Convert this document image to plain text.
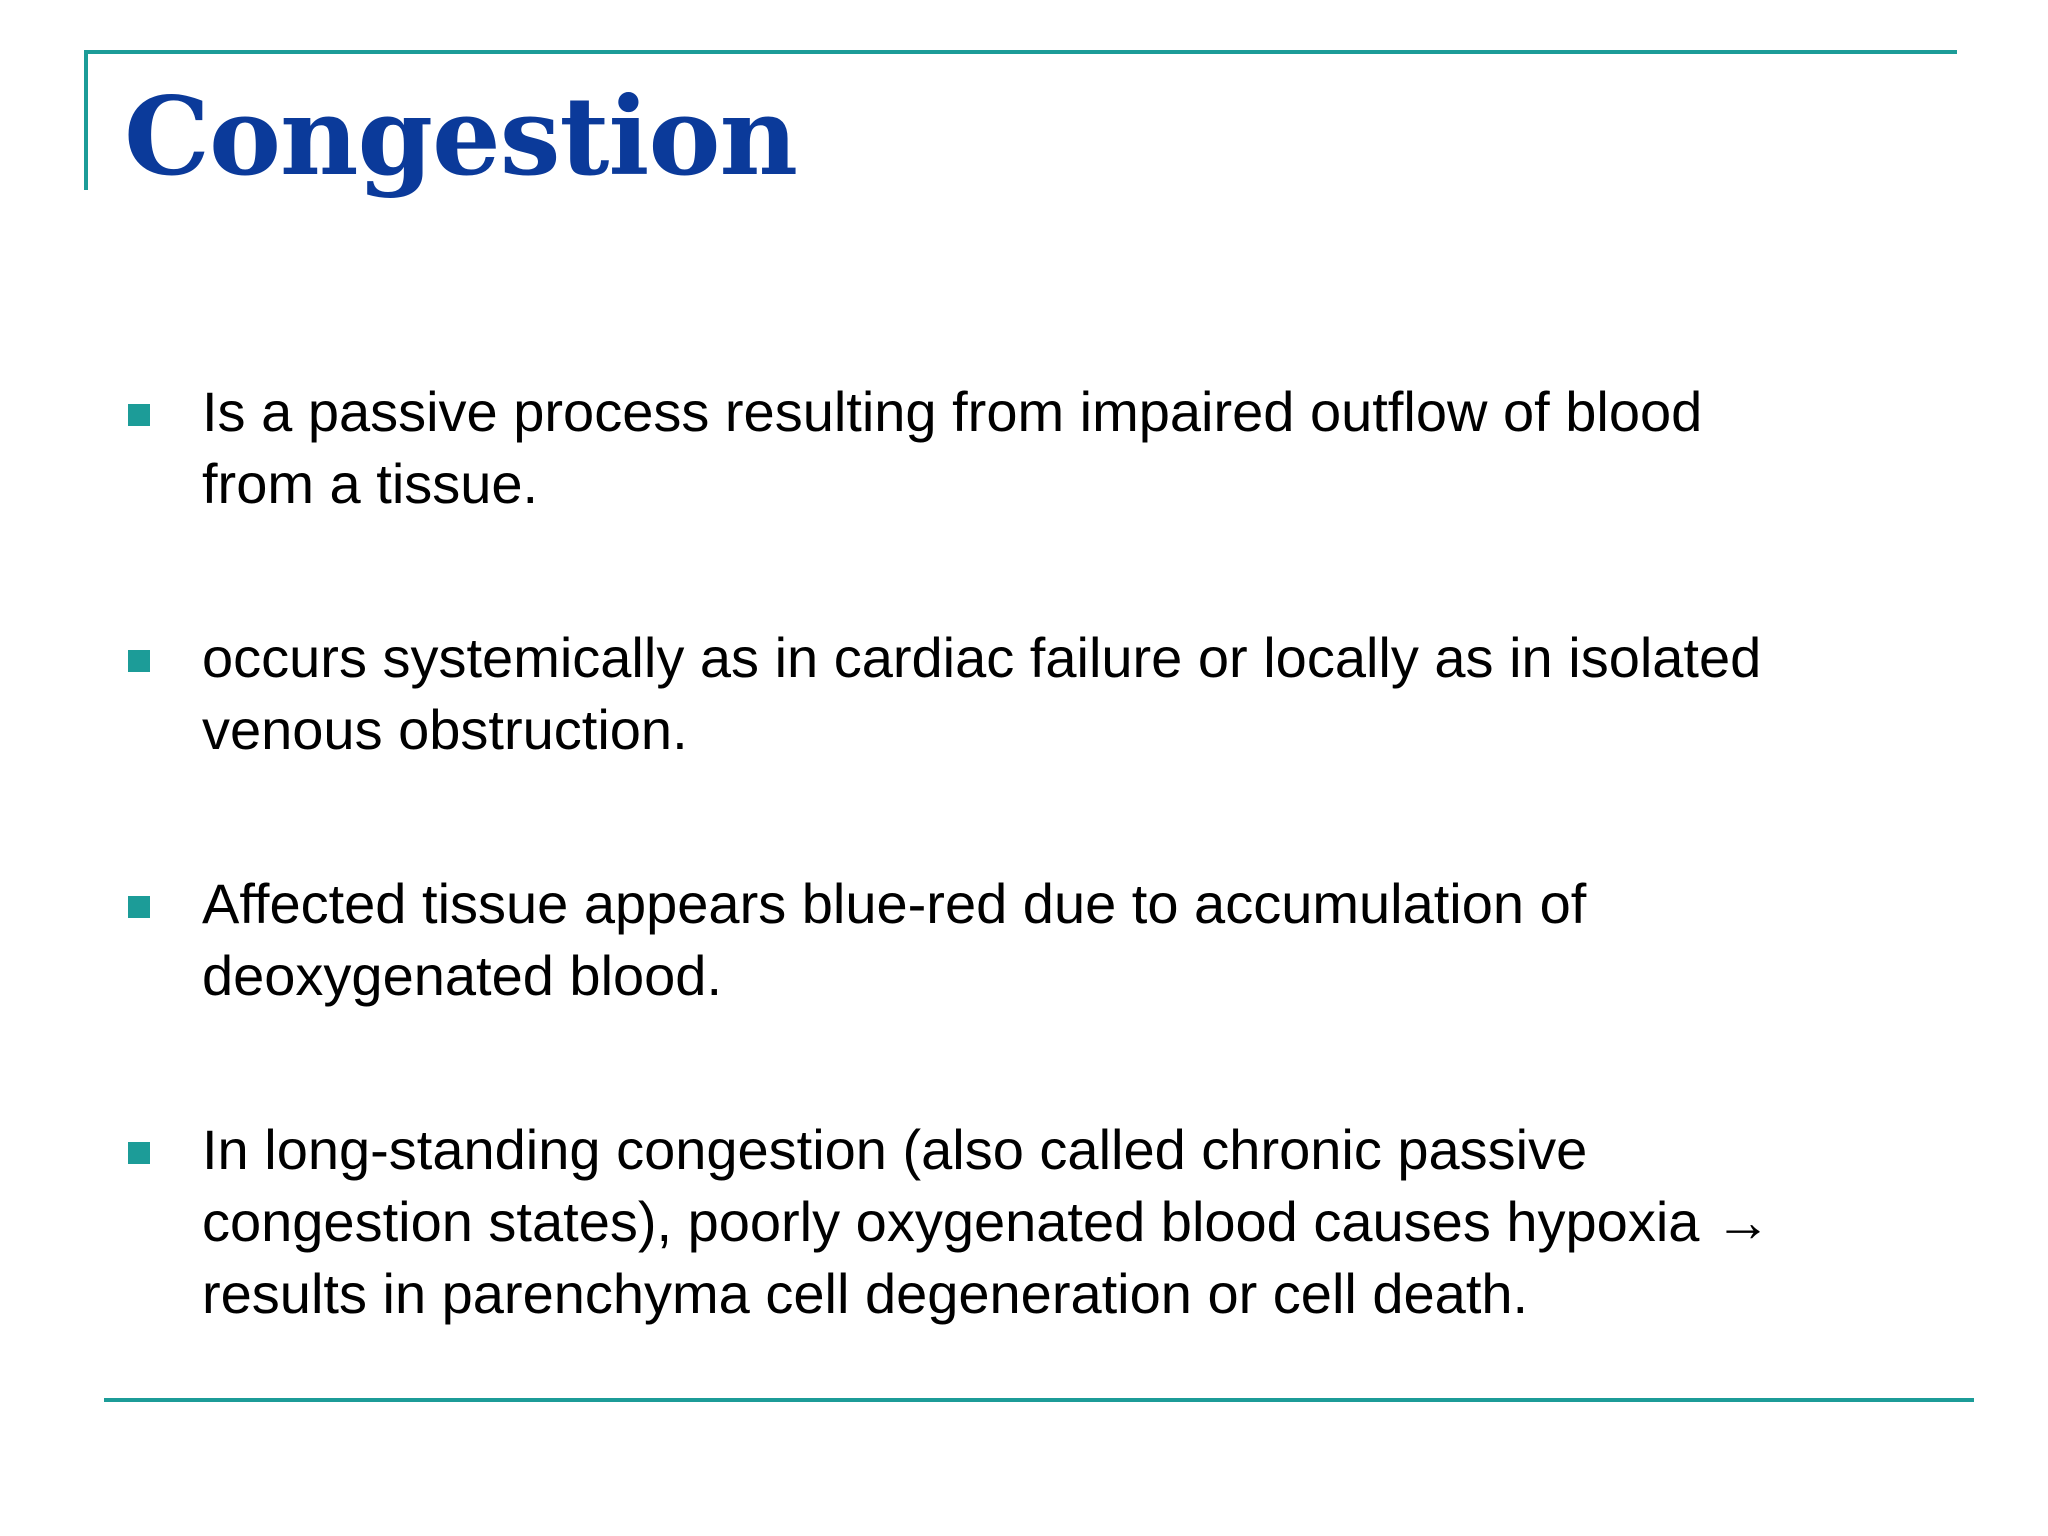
Congestion

Is a passive process resulting from impaired outflow of blood
from a tissue.

occurs systemically as in cardiac failure or locally as in isolated
venous obstruction.

Affected tissue appears blue-red due to accumulation of
deoxygenated blood.

In long-standing congestion (also called chronic passive
congestion states), poorly oxygenated blood causes hypoxia →
results in parenchyma cell degeneration or cell death.
